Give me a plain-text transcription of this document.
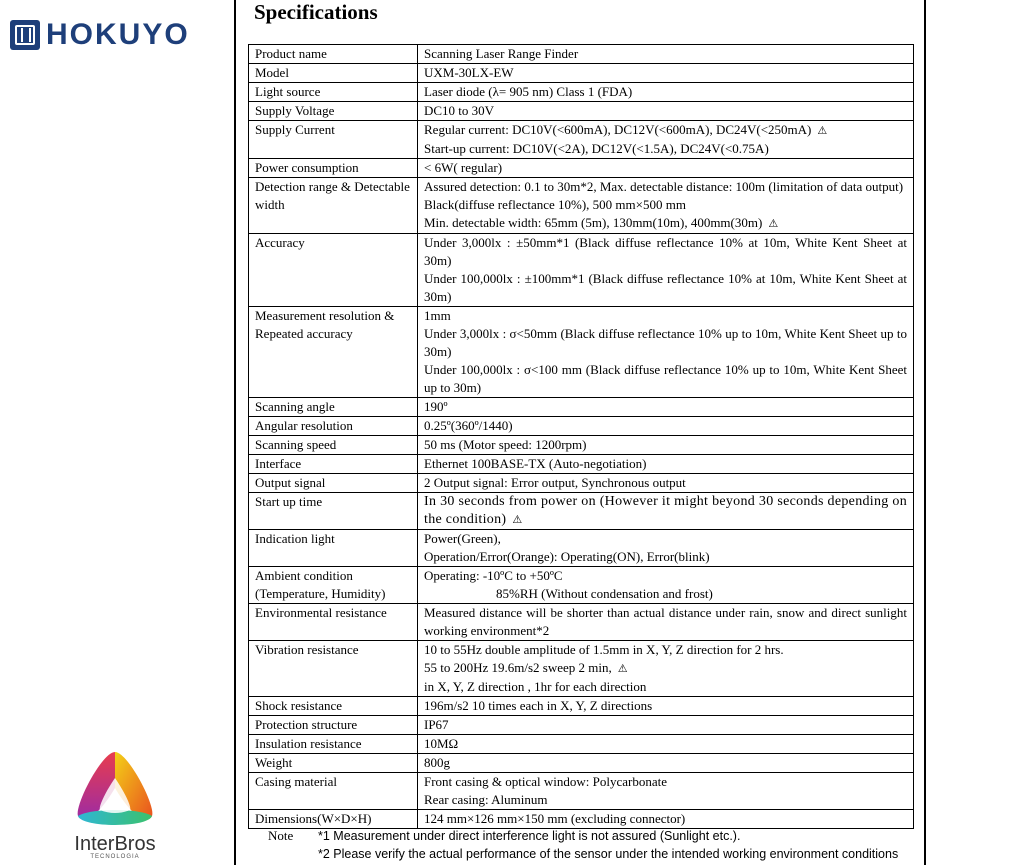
HOKUYO
InterBros
TECNOLOGIA
Specifications
Product name	Scanning Laser Range Finder

Model	UXM-30LX-EW

Light source	Laser diode (λ= 905 nm) Class 1 (FDA)

Supply Voltage	DC10 to 30V

Supply Current	Regular current: DC10V(<600mA), DC12V(<600mA), DC24V(<250mA) ⚠
Start-up current: DC10V(<2A), DC12V(<1.5A), DC24V(<0.75A)

Power consumption	< 6W( regular)

Detection range & Detectable width	Assured detection: 0.1 to 30m*2, Max. detectable distance: 100m (limitation of data output)
Black(diffuse reflectance 10%), 500 mm×500 mm
Min. detectable width: 65mm (5m), 130mm(10m), 400mm(30m) ⚠

Accuracy	Under 3,000lx : ±50mm*1 (Black diffuse reflectance 10% at 10m, White Kent Sheet at 30m)
Under 100,000lx : ±100mm*1 (Black diffuse reflectance 10% at 10m, White Kent Sheet at 30m)

Measurement resolution & Repeated accuracy	1mm
Under 3,000lx : σ<50mm (Black diffuse reflectance 10% up to 10m, White Kent Sheet up to 30m)
Under 100,000lx : σ<100 mm (Black diffuse reflectance 10% up to 10m, White Kent Sheet up to 30m)

Scanning angle	190º

Angular resolution	0.25º(360º/1440)

Scanning speed	50 ms (Motor speed: 1200rpm)

Interface	Ethernet 100BASE-TX (Auto-negotiation)

Output signal	2 Output signal: Error output, Synchronous output

Start up time	In 30 seconds from power on (However it might beyond 30 seconds depending on the condition) ⚠

Indication light	Power(Green),
Operation/Error(Orange): Operating(ON), Error(blink)

Ambient condition (Temperature, Humidity)	Operating: -10ºC to +50ºC
85%RH (Without condensation and frost)

Environmental resistance	Measured distance will be shorter than actual distance under rain, snow and direct sunlight working environment*2

Vibration resistance	10 to 55Hz double amplitude of 1.5mm in X, Y, Z direction for 2 hrs.
55 to 200Hz 19.6m/s2 sweep 2 min, ⚠
in X, Y, Z direction , 1hr for each direction

Shock resistance	196m/s2 10 times each in X, Y, Z directions

Protection structure	IP67

Insulation resistance	10MΩ

Weight	800g

Casing material	Front casing & optical window: Polycarbonate
Rear casing: Aluminum

Dimensions(W×D×H)	124 mm×126 mm×150 mm (excluding connector)
Note	*1 Measurement under direct interference light is not assured (Sunlight etc.).
*2 Please verify the actual performance of the sensor under the intended working environment conditions
